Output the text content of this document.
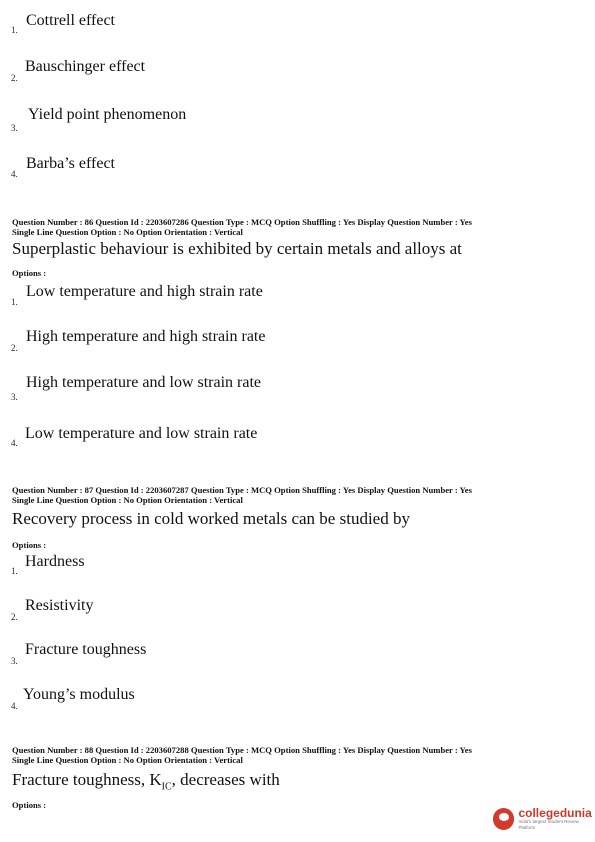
1.
Cottrell effect
2.
Bauschinger effect
3.
Yield point phenomenon
4.
Barba’s effect
Question Number : 86 Question Id : 2203607286 Question Type : MCQ Option Shuffling : Yes Display Question Number : Yes
Single Line Question Option : No Option Orientation : Vertical
Superplastic behaviour is exhibited by certain metals and alloys at
Options :
1.
Low temperature and high strain rate
2.
High temperature and high strain rate
3.
High temperature and low strain rate
4.
Low temperature and low strain rate
Question Number : 87 Question Id : 2203607287 Question Type : MCQ Option Shuffling : Yes Display Question Number : Yes
Single Line Question Option : No Option Orientation : Vertical
Recovery process in cold worked metals can be studied by
Options :
1.
Hardness
2.
Resistivity
3.
Fracture toughness
4.
Young’s modulus
Question Number : 88 Question Id : 2203607288 Question Type : MCQ Option Shuffling : Yes Display Question Number : Yes
Single Line Question Option : No Option Orientation : Vertical
Fracture toughness, $K_{IC}$, decreases with
Options :
collegedunia
India's largest Student Review Platform
